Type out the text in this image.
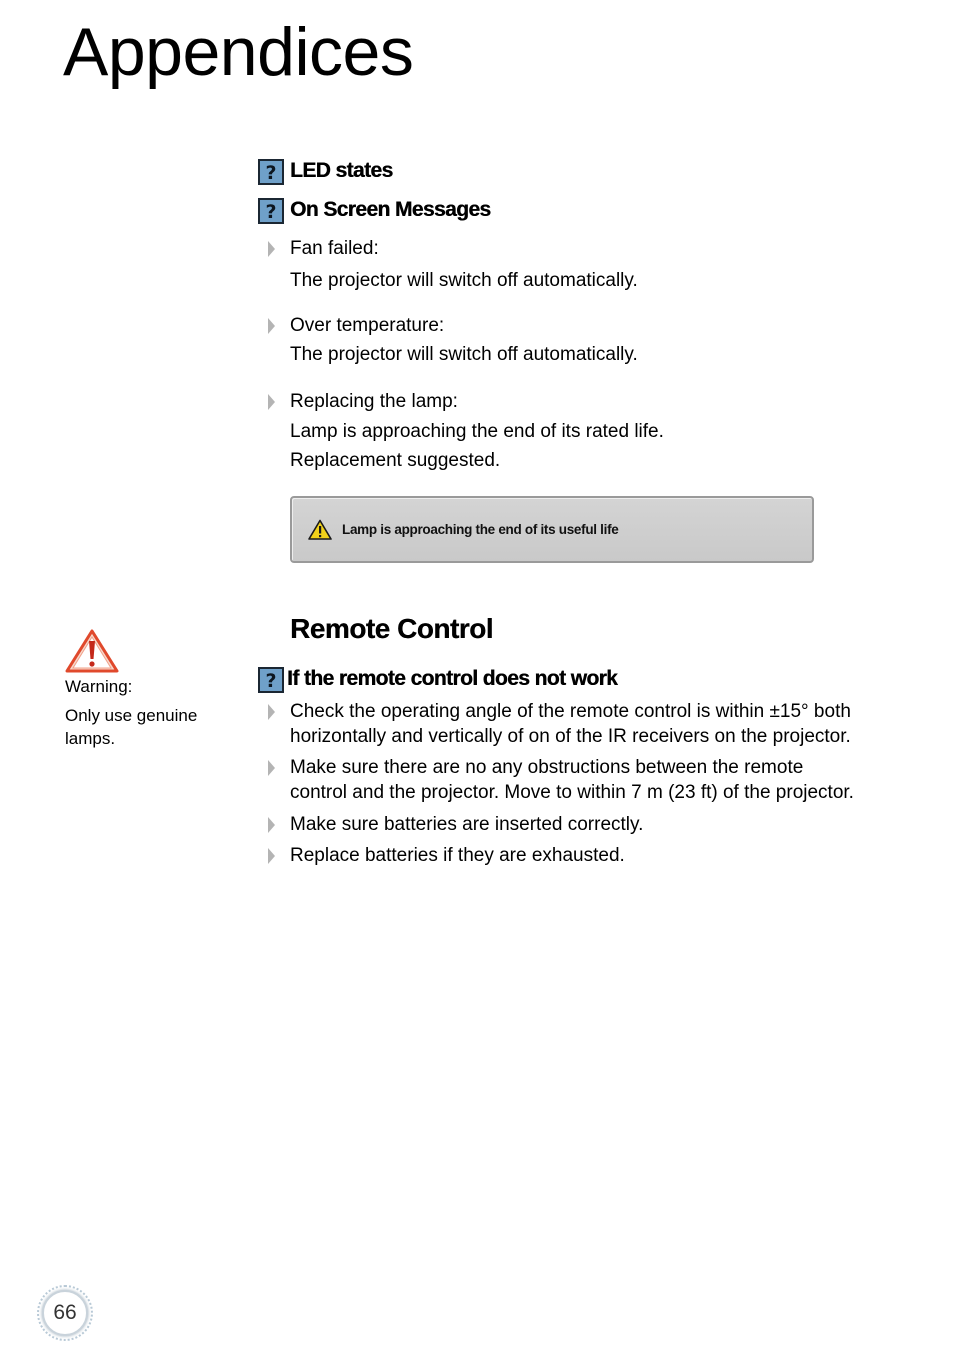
Appendices
? LED states
? On Screen Messages
Fan failed:
The projector will switch off automatically.
Over temperature:
The projector will switch off automatically.
Replacing the lamp:
Lamp is approaching the end of its rated life.
Replacement suggested.
Lamp is approaching the end of its useful life
Warning:
Only use genuine
lamps.
Remote Control
? If the remote control does not work
Check the operating angle of the remote control is within ±15° both
horizontally and vertically of on of the IR receivers on the projector.
Make sure there are no any obstructions between the remote
control and the projector. Move to within 7 m (23 ft) of the projector.
Make sure batteries are inserted correctly.
Replace batteries if they are exhausted.
66
